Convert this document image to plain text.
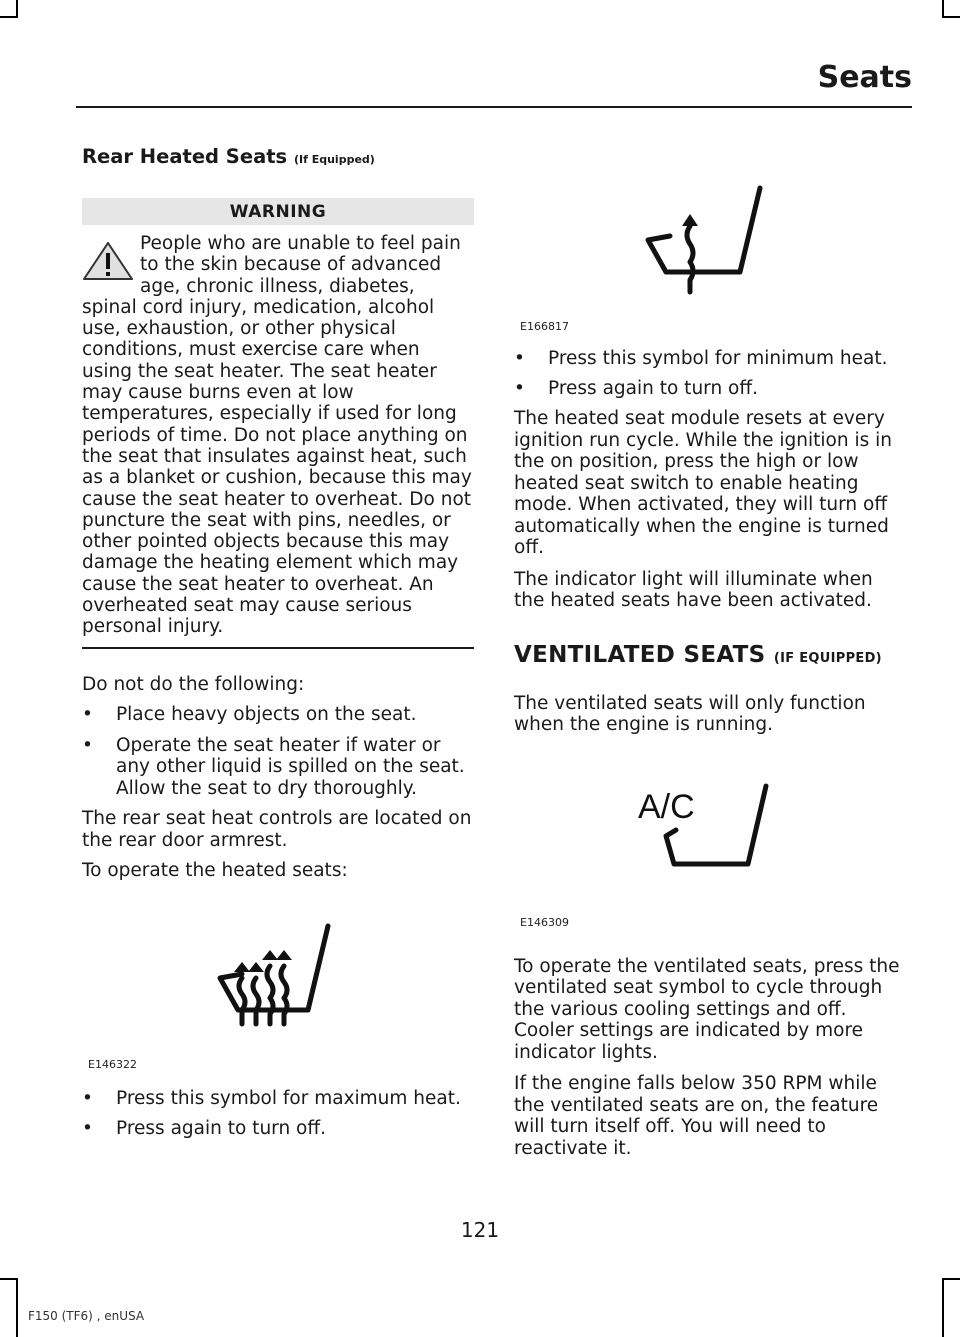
Seats
Rear Heated Seats (If Equipped)
WARNING
People who are unable to feel pain to the skin because of advanced age, chronic illness, diabetes, spinal cord injury, medication, alcohol use, exhaustion, or other physical conditions, must exercise care when using the seat heater. The seat heater may cause burns even at low temperatures, especially if used for long periods of time. Do not place anything on the seat that insulates against heat, such as a blanket or cushion, because this may cause the seat heater to overheat. Do not puncture the seat with pins, needles, or other pointed objects because this may damage the heating element which may cause the seat heater to overheat. An overheated seat may cause serious personal injury.

Do not do the following:

• Place heavy objects on the seat.
• Operate the seat heater if water or any other liquid is spilled on the seat. Allow the seat to dry thoroughly.

The rear seat heat controls are located on the rear door armrest.

To operate the heated seats:

E146322
• Press this symbol for maximum heat.
• Press again to turn off.
E166817
• Press this symbol for minimum heat.
• Press again to turn off.

The heated seat module resets at every ignition run cycle. While the ignition is in the on position, press the high or low heated seat switch to enable heating mode. When activated, they will turn off automatically when the engine is turned off.

The indicator light will illuminate when the heated seats have been activated.

VENTILATED SEATS (IF EQUIPPED)

The ventilated seats will only function when the engine is running.

A/C
E146309

To operate the ventilated seats, press the ventilated seat symbol to cycle through the various cooling settings and off. Cooler settings are indicated by more indicator lights.

If the engine falls below 350 RPM while the ventilated seats are on, the feature will turn itself off. You will need to reactivate it.

121
F150 (TF6) , enUSA
